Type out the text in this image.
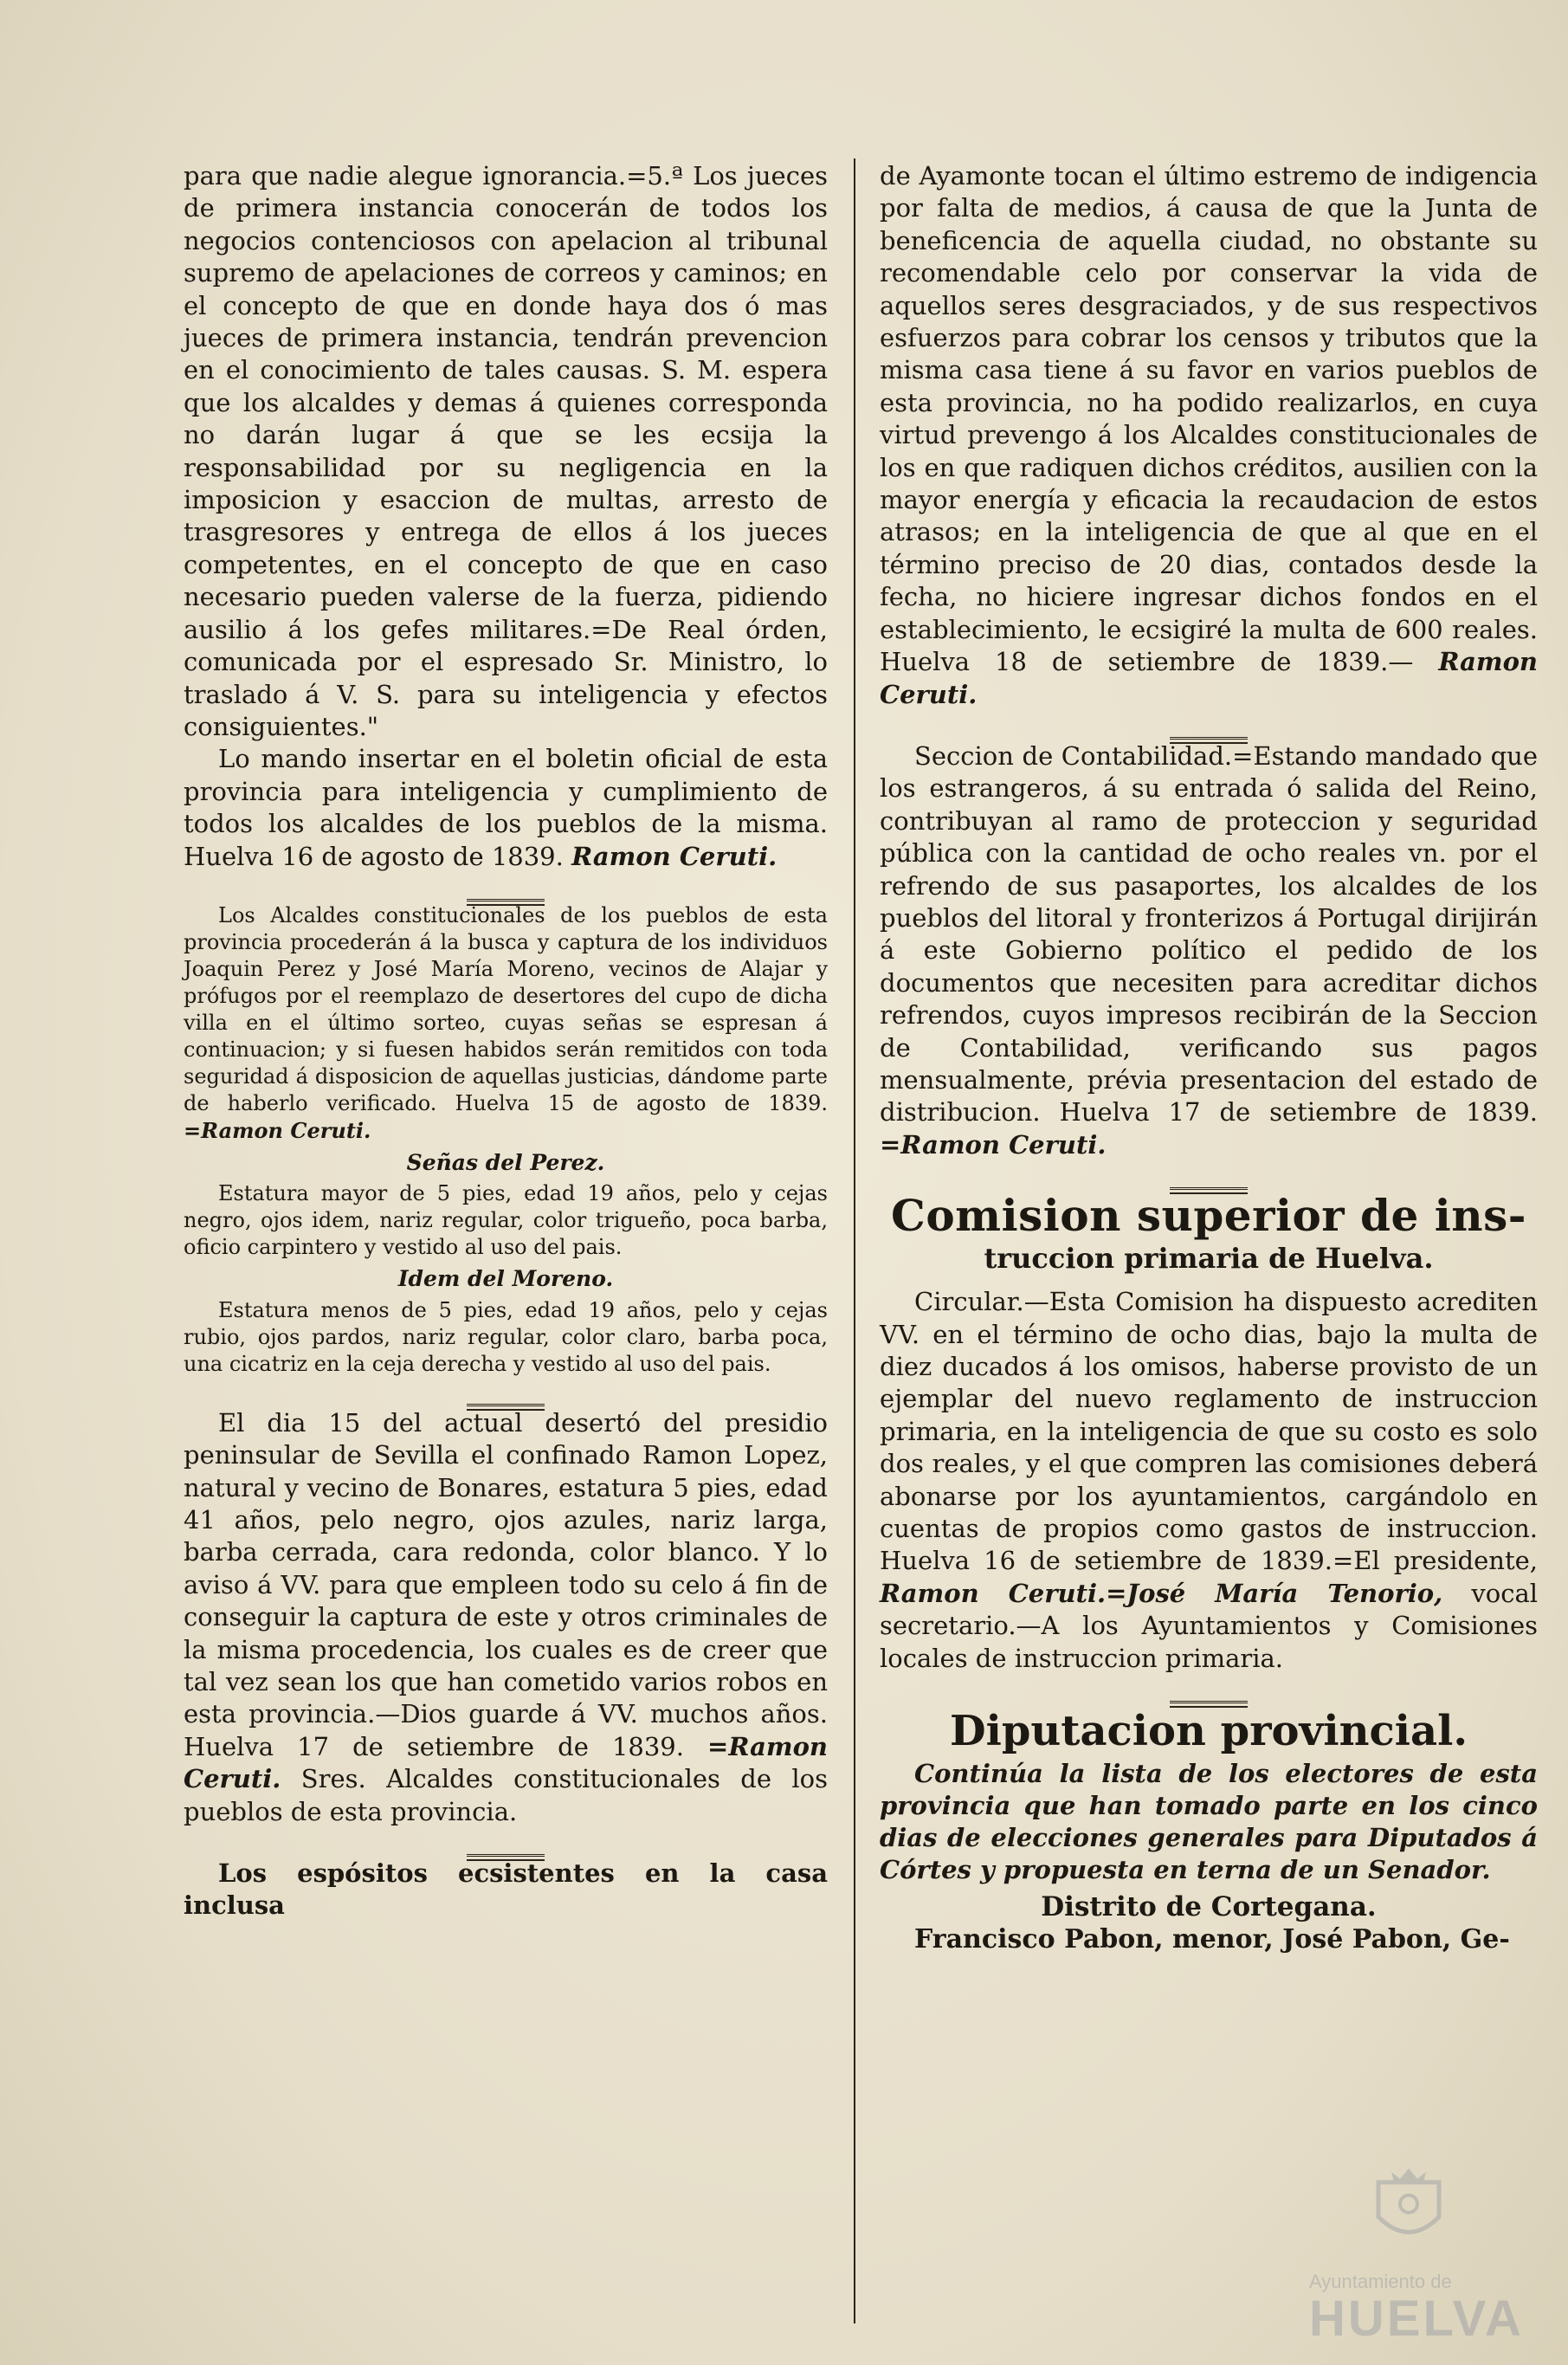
para que nadie alegue ignorancia.=5.ª Los jueces de primera instancia conocerán de todos los negocios contenciosos con apelacion al tribunal supremo de apelaciones de correos y caminos; en el concepto de que en donde haya dos ó mas jueces de primera instancia, tendrán prevencion en el conocimiento de tales causas. S. M. espera que los alcaldes y demas á quienes corresponda no darán lugar á que se les ecsija la responsabilidad por su negligencia en la imposicion y esaccion de multas, arresto de trasgresores y entrega de ellos á los jueces competentes, en el concepto de que en caso necesario pueden valerse de la fuerza, pidiendo ausilio á los gefes militares.=De Real órden, comunicada por el espresado Sr. Ministro, lo traslado á V. S. para su inteligencia y efectos consiguientes."

Lo mando insertar en el boletin oficial de esta provincia para inteligencia y cumplimiento de todos los alcaldes de los pueblos de la misma. Huelva 16 de agosto de 1839. Ramon Ceruti.

Los Alcaldes constitucionales de los pueblos de esta provincia procederán á la busca y captura de los individuos Joaquin Perez y José María Moreno, vecinos de Alajar y prófugos por el reemplazo de desertores del cupo de dicha villa en el último sorteo, cuyas señas se espresan á continuacion; y si fuesen habidos serán remitidos con toda seguridad á disposicion de aquellas justicias, dándome parte de haberlo verificado. Huelva 15 de agosto de 1839. =Ramon Ceruti.

Señas del Perez.

Estatura mayor de 5 pies, edad 19 años, pelo y cejas negro, ojos idem, nariz regular, color trigueño, poca barba, oficio carpintero y vestido al uso del pais.

Idem del Moreno.

Estatura menos de 5 pies, edad 19 años, pelo y cejas rubio, ojos pardos, nariz regular, color claro, barba poca, una cicatriz en la ceja derecha y vestido al uso del pais.

El dia 15 del actual desertó del presidio peninsular de Sevilla el confinado Ramon Lopez, natural y vecino de Bonares, estatura 5 pies, edad 41 años, pelo negro, ojos azules, nariz larga, barba cerrada, cara redonda, color blanco. Y lo aviso á VV. para que empleen todo su celo á fin de conseguir la captura de este y otros criminales de la misma procedencia, los cuales es de creer que tal vez sean los que han cometido varios robos en esta provincia.—Dios guarde á VV. muchos años. Huelva 17 de setiembre de 1839. =Ramon Ceruti. Sres. Alcaldes constitucionales de los pueblos de esta provincia.

Los espósitos ecsistentes en la casa inclusa

de Ayamonte tocan el último estremo de indigencia por falta de medios, á causa de que la Junta de beneficencia de aquella ciudad, no obstante su recomendable celo por conservar la vida de aquellos seres desgraciados, y de sus respectivos esfuerzos para cobrar los censos y tributos que la misma casa tiene á su favor en varios pueblos de esta provincia, no ha podido realizarlos, en cuya virtud prevengo á los Alcaldes constitucionales de los en que radiquen dichos créditos, ausilien con la mayor energía y eficacia la recaudacion de estos atrasos; en la inteligencia de que al que en el término preciso de 20 dias, contados desde la fecha, no hiciere ingresar dichos fondos en el establecimiento, le ecsigiré la multa de 600 reales. Huelva 18 de setiembre de 1839.— Ramon Ceruti.

Seccion de Contabilidad.=Estando mandado que los estrangeros, á su entrada ó salida del Reino, contribuyan al ramo de proteccion y seguridad pública con la cantidad de ocho reales vn. por el refrendo de sus pasaportes, los alcaldes de los pueblos del litoral y fronterizos á Portugal dirijirán á este Gobierno político el pedido de los documentos que necesiten para acreditar dichos refrendos, cuyos impresos recibirán de la Seccion de Contabilidad, verificando sus pagos mensualmente, prévia presentacion del estado de distribucion. Huelva 17 de setiembre de 1839. =Ramon Ceruti.

Comision superior de ins-

truccion primaria de Huelva.

Circular.—Esta Comision ha dispuesto acrediten VV. en el término de ocho dias, bajo la multa de diez ducados á los omisos, haberse provisto de un ejemplar del nuevo reglamento de instruccion primaria, en la inteligencia de que su costo es solo dos reales, y el que compren las comisiones deberá abonarse por los ayuntamientos, cargándolo en cuentas de propios como gastos de instruccion. Huelva 16 de setiembre de 1839.=El presidente, Ramon Ceruti.=José María Tenorio, vocal secretario.—A los Ayuntamientos y Comisiones locales de instruccion primaria.

Diputacion provincial.

Continúa la lista de los electores de esta provincia que han tomado parte en los cinco dias de elecciones generales para Diputados á Córtes y propuesta en terna de un Senador.

Distrito de Cortegana.

Francisco Pabon, menor, José Pabon, Ge-

Ayuntamiento de
HUELVA
